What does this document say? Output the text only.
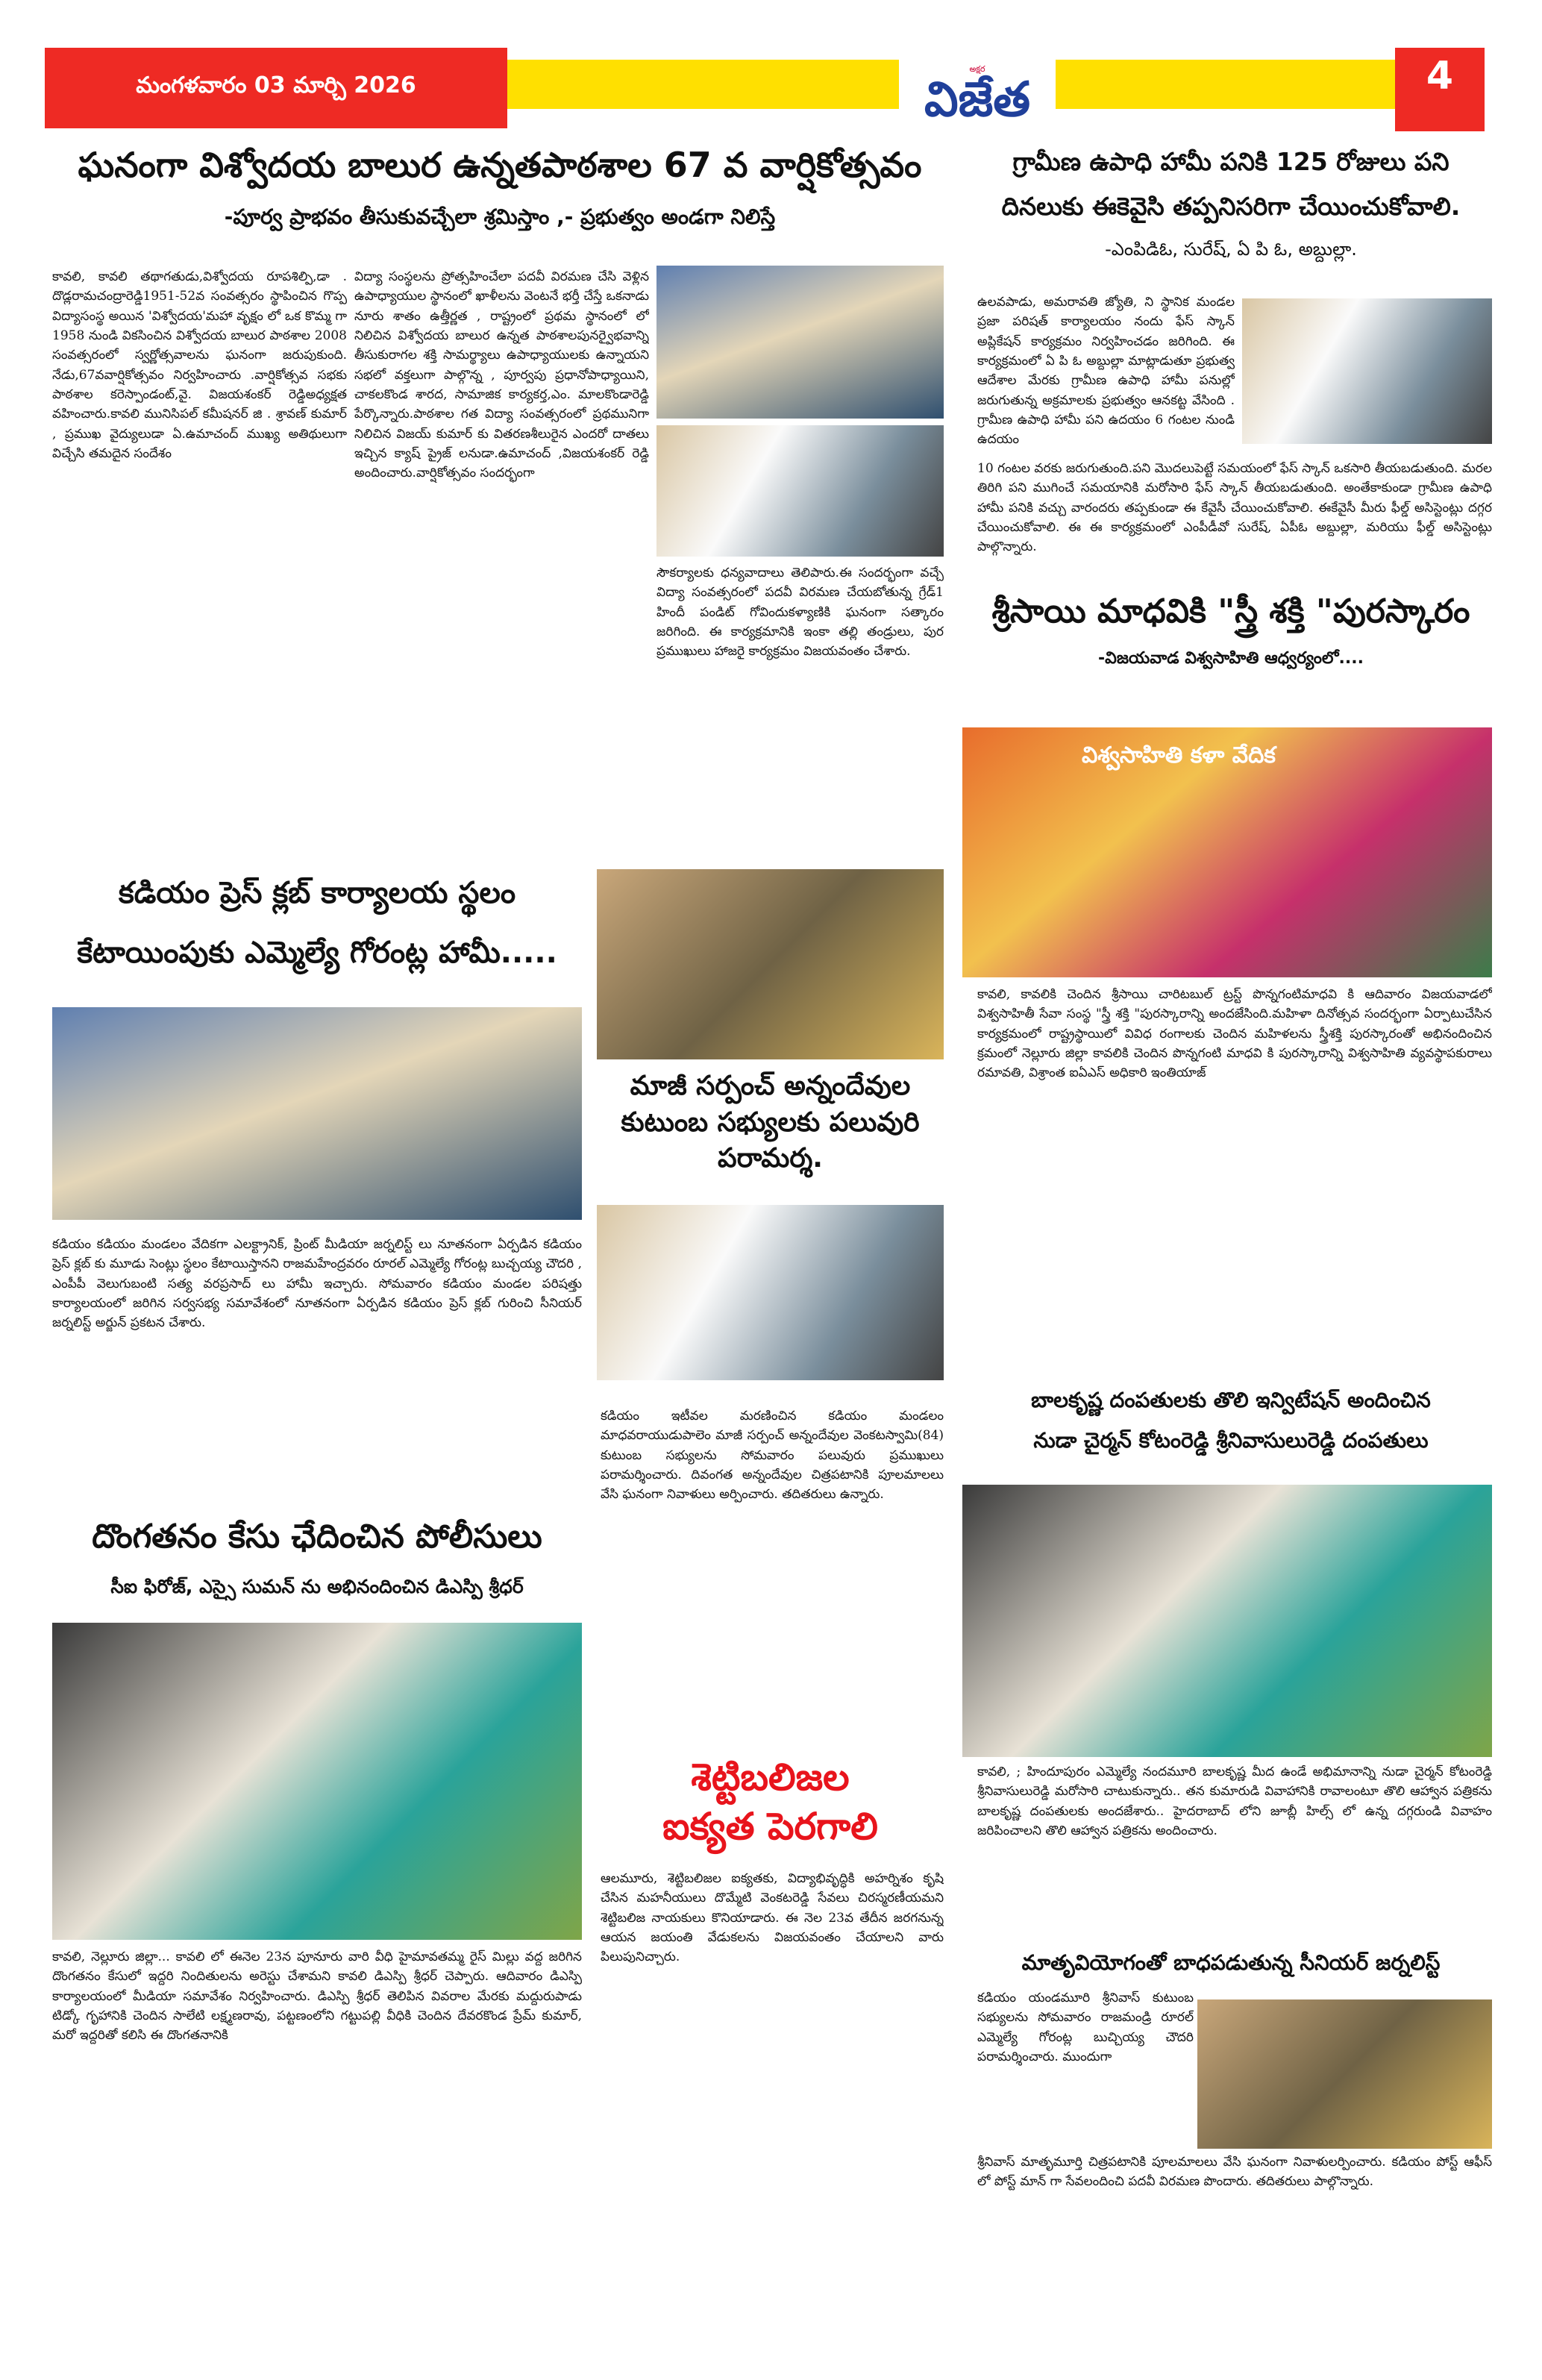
మంగళవారం 03 మార్చి 2026
అక్షర
విజేత	4
ఘనంగా విశ్వోదయ బాలుర ఉన్నతపాఠశాల 67 వ వార్షికోత్సవం
-పూర్వ ప్రాభవం తీసుకువచ్చేలా శ్రమిస్తాం ,- ప్రభుత్వం అండగా నిలిస్తే
కావలి, కావలి తథాగతుడు,విశ్వోదయ రూపశిల్పి,డా . దొడ్లరామచంద్రారెడ్డి1951-52వ సంవత్సరం స్థాపించిన గొప్ప విద్యాసంస్థ అయిన 'విశ్వోదయ'మహా వృక్షం లో ఒక కొమ్మ గా 1958 నుండి వికసించిన విశ్వోదయ బాలుర పాఠశాల 2008 సంవత్సరంలో స్వర్ణోత్సవాలను ఘనంగా జరుపుకుంది. నేడు,67వవార్షికోత్సవం నిర్వహించారు .వార్షికోత్సవ సభకు పాఠశాల కరెస్పాండంట్,వై. విజయశంకర్ రెడ్డిఅధ్యక్షత వహించారు.కావలి మునిసిపల్ కమీషనర్ జి . శ్రావణ్ కుమార్ , ప్రముఖ వైద్యులుడా ఏ.ఉమాచంద్ ముఖ్య అతిథులుగా విచ్చేసి తమదైన సందేశం
విద్యా సంస్థలను ప్రోత్సహించేలా పదవీ విరమణ చేసి వెళ్లిన ఉపాధ్యాయుల స్థానంలో ఖాళీలను వెంటనే భర్తీ చేస్తే ఒకనాడు నూరు శాతం ఉత్తీర్ణత , రాష్ట్రంలో ప్రథమ స్థానంలో లో నిలిచిన విశ్వోదయ బాలుర ఉన్నత పాఠశాలపునర్వైభవాన్ని తీసుకురాగల శక్తి సామర్థ్యాలు ఉపాధ్యాయులకు ఉన్నాయని సభలో వక్తలుగా పాల్గొన్న , పూర్వపు ప్రధానోపాధ్యాయిని, చాకలకొండ శారద, సామాజిక కార్యకర్త,ఎం. మాలకొండారెడ్డి పేర్కొన్నారు.పాఠశాల గత విద్యా సంవత్సరంలో ప్రథమునిగా నిలిచిన విజయ్ కుమార్ కు వితరణశీలురైన ఎందరో దాతలు ఇచ్చిన క్యాష్ ప్రైజ్ లనుడా.ఉమాచంద్ ,విజయశంకర్ రెడ్డి అందించారు.వార్షికోత్సవం సందర్భంగా
సౌకర్యాలకు ధన్యవాదాలు తెలిపారు.ఈ సందర్భంగా వచ్చే విద్యా సంవత్సరంలో పదవీ విరమణ చేయబోతున్న గ్రేడ్1 హిందీ పండిట్ గోవిందుకళ్యాణికి ఘనంగా సత్కారం జరిగింది. ఈ కార్యక్రమానికి ఇంకా తల్లి తండ్రులు, పుర ప్రముఖులు హాజరై కార్యక్రమం విజయవంతం చేశారు.
గ్రామీణ ఉపాధి హామీ పనికి 125 రోజులు పని
దినలుకు ఈకెవైసి తప్పనిసరిగా చేయించుకోవాలి.
-ఎంపిడిఓ, సురేష్, ఏ పి ఓ, అబ్దుల్లా.
ఉలవపాడు, అమరావతి జ్యోతి, ని స్థానిక మండల ప్రజా పరిషత్ కార్యాలయం నందు ఫేస్ స్కాన్ అప్లికేషన్ కార్యక్రమం నిర్వహించడం జరిగింది. ఈ కార్యక్రమంలో ఏ పి ఓ అబ్దుల్లా మాట్లాడుతూ ప్రభుత్వ ఆదేశాల మేరకు గ్రామీణ ఉపాధి హామీ పనుల్లో జరుగుతున్న అక్రమాలకు ప్రభుత్వం ఆనకట్ట వేసింది . గ్రామీణ ఉపాధి హామీ పని ఉదయం 6 గంటల నుండి ఉదయం
10 గంటల వరకు జరుగుతుంది.పని మొదలుపెట్టే సమయంలో ఫేస్ స్కాన్ ఒకసారి తీయబడుతుంది. మరల తిరిగి పని ముగించే సమయానికి మరోసారి ఫేస్ స్కాన్ తీయబడుతుంది. అంతేకాకుండా గ్రామీణ ఉపాధి హామీ పనికి వచ్చు వారందరు తప్పకుండా ఈ కేవైసీ చేయించుకోవాలి. ఈకేవైసీ మీరు ఫీల్డ్ అసిస్టెంట్లు దగ్గర చేయించుకోవాలి. ఈ ఈ కార్యక్రమంలో ఎంపీడీవో సురేష్, ఏపీఓ అబ్దుల్లా, మరియు ఫీల్డ్ అసిస్టెంట్లు పాల్గొన్నారు.
శ్రీసాయి మాధవికి "స్త్రీ శక్తి "పురస్కారం
-విజయవాడ విశ్వసాహితి ఆధ్వర్యంలో....
విశ్వసాహితి కళా వేదిక
కావలి, కావలికి చెందిన శ్రీసాయి చారిటబుల్ ట్రస్ట్ పొన్నగంటిమాధవి కి ఆదివారం విజయవాడలో విశ్వసాహితీ సేవా సంస్థ "స్త్రీ శక్తి "పురస్కారాన్ని అందజేసింది.మహిళా దినోత్సవ సందర్భంగా ఏర్పాటుచేసిన కార్యక్రమంలో రాష్ట్రస్థాయిలో వివిధ రంగాలకు చెందిన మహిళలను స్త్రీశక్తి పురస్కారంతో అభినందించిన క్రమంలో నెల్లూరు జిల్లా కావలికి చెందిన పొన్నగంటి మాధవి కి పురస్కారాన్ని విశ్వసాహితి వ్యవస్థాపకురాలు రమావతి, విశ్రాంత ఐఏఎస్ అధికారి ఇంతియాజ్
కడియం ప్రెస్ క్లబ్ కార్యాలయ స్థలం
కేటాయింపుకు ఎమ్మెల్యే గోరంట్ల హామీ.....
కడియం కడియం మండలం వేదికగా ఎలక్ట్రానిక్, ప్రింట్ మీడియా జర్నలిస్ట్ లు నూతనంగా ఏర్పడిన కడియం ప్రెస్ క్లబ్ కు మూడు సెంట్లు స్థలం కేటాయిస్తానని రాజమహేంద్రవరం రూరల్ ఎమ్మెల్యే గోరంట్ల బుచ్చయ్య చౌదరి , ఎంపీపీ వెలుగుబంటి సత్య వరప్రసాద్ లు హామీ ఇచ్చారు. సోమవారం కడియం మండల పరిషత్తు కార్యాలయంలో జరిగిన సర్వసభ్య సమావేశంలో నూతనంగా ఏర్పడిన కడియం ప్రెస్ క్లబ్ గురించి సీనియర్ జర్నలిస్ట్ అర్జున్ ప్రకటన చేశారు.
మాజీ సర్పంచ్ అన్నందేవుల కుటుంబ సభ్యులకు పలువురి పరామర్శ.
కడియం ఇటీవల మరణించిన కడియం మండలం మాధవరాయుడుపాలెం మాజీ సర్పంచ్ అన్నందేవుల వెంకటస్వామి(84) కుటుంబ సభ్యులను సోమవారం పలువురు ప్రముఖులు పరామర్శించారు. దివంగత అన్నందేవుల చిత్రపటానికి పూలమాలలు వేసి ఘనంగా నివాళులు అర్పించారు. తదితరులు ఉన్నారు.
శెట్టిబలిజల
ఐక్యత పెరగాలి
ఆలమూరు, శెట్టిబలిజల ఐక్యతకు, విద్యాభివృద్ధికి అహర్నిశం కృషి చేసిన మహనీయులు దొమ్మేటి వెంకటరెడ్డి సేవలు చిరస్మరణీయమని శెట్టిబలిజ నాయకులు కొనియాడారు. ఈ నెల 23వ తేదీన జరగనున్న ఆయన జయంతి వేడుకలను విజయవంతం చేయాలని వారు పిలుపునిచ్చారు.
దొంగతనం కేసు ఛేదించిన పోలీసులు
సీఐ ఫిరోజ్, ఎస్సై సుమన్ ను అభినందించిన డిఎస్పి శ్రీధర్
కావలి, నెల్లూరు జిల్లా... కావలి లో ఈనెల 23న పూనూరు వారి వీధి హైమావతమ్మ రైస్ మిల్లు వద్ద జరిగిన దొంగతనం కేసులో ఇద్దరి నిందితులను అరెస్టు చేశామని కావలి డిఎస్పి శ్రీధర్ చెప్పారు. ఆదివారం డిఎస్పి కార్యాలయంలో మీడియా సమావేశం నిర్వహించారు. డిఎస్పి శ్రీధర్ తెలిపిన వివరాల మేరకు మద్దురుపాడు టిడ్కో గృహానికి చెందిన సాలేటి లక్ష్మణరావు, పట్టణంలోని గట్టుపల్లి వీధికి చెందిన దేవరకొండ ప్రేమ్ కుమార్, మరో ఇద్దరితో కలిసి ఈ దొంగతనానికి
బాలకృష్ణ దంపతులకు తొలి ఇన్విటేషన్ అందించిన
నుడా చైర్మన్ కోటంరెడ్డి శ్రీనివాసులురెడ్డి దంపతులు
కావలి, ; హిందూపురం ఎమ్మెల్యే నందమూరి బాలకృష్ణ మీద ఉండే అభిమానాన్ని నుడా చైర్మన్ కోటంరెడ్డి శ్రీనివాసులురెడ్డి మరోసారి చాటుకున్నారు.. తన కుమారుడి వివాహానికి రావాలంటూ తొలి ఆహ్వాన పత్రికను బాలకృష్ణ దంపతులకు అందజేశారు.. హైదరాబాద్ లోని జూబ్లీ హిల్స్ లో ఉన్న దగ్గరుండి వివాహం జరిపించాలని తొలి ఆహ్వాన పత్రికను అందించారు.
మాతృవియోగంతో బాధపడుతున్న సీనియర్ జర్నలిస్ట్
కడియం యండమూరి శ్రీనివాస్ కుటుంబ సభ్యులను సోమవారం రాజమండ్రి రూరల్ ఎమ్మెల్యే గోరంట్ల బుచ్చియ్య చౌదరి పరామర్శించారు. ముందుగా
శ్రీనివాస్ మాతృమూర్తి చిత్రపటానికి పూలమాలలు వేసి ఘనంగా నివాళులర్పించారు. కడియం పోస్ట్ ఆఫీస్ లో పోస్ట్ మాన్ గా సేవలందించి పదవీ విరమణ పొందారు. తదితరులు పాల్గొన్నారు.
